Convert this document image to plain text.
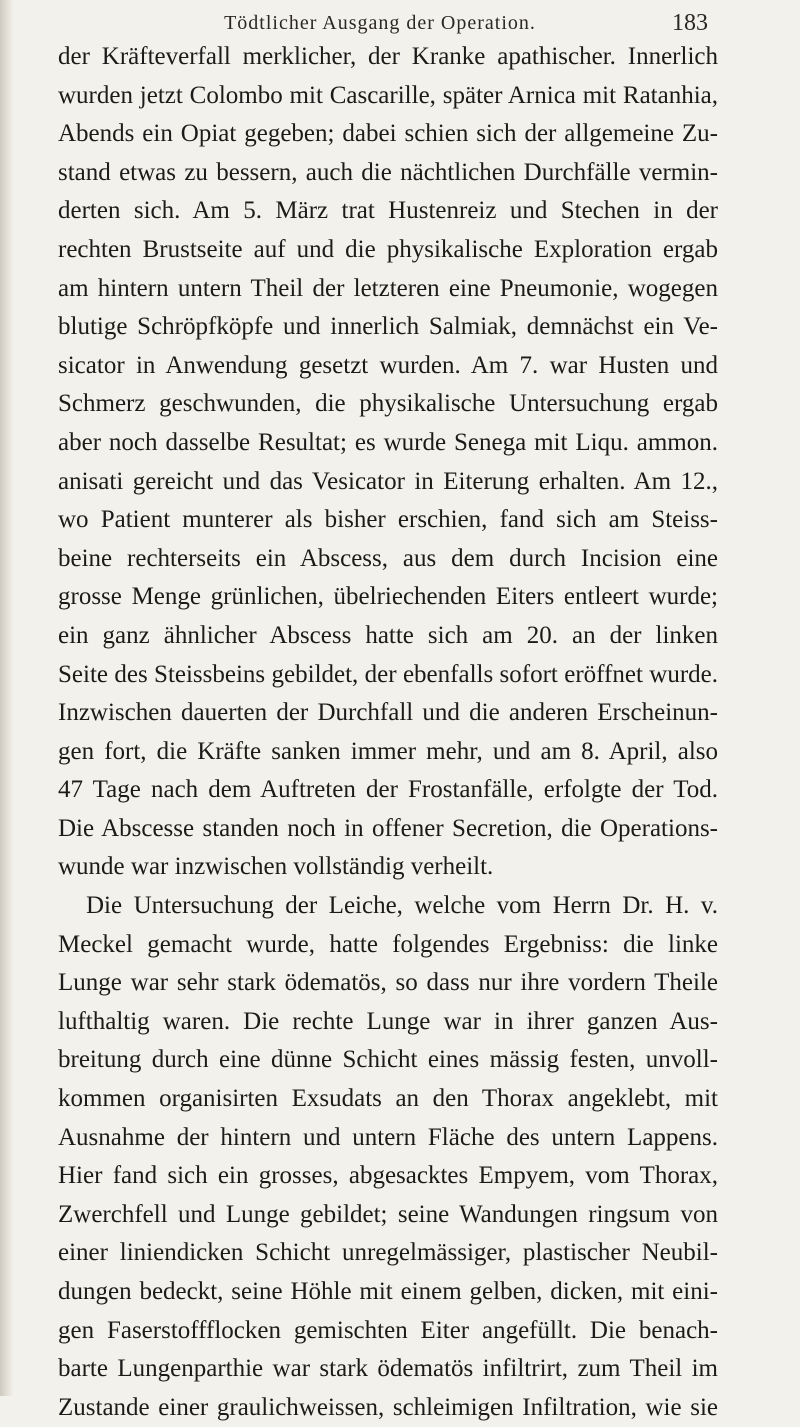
Tödtlicher Ausgang der Operation.	183
der Kräfteverfall merklicher, der Kranke apathischer. Innerlich
wurden jetzt Colombo mit Cascarille, später Arnica mit Ratanhia,
Abends ein Opiat gegeben; dabei schien sich der allgemeine Zu-
stand etwas zu bessern, auch die nächtlichen Durchfälle vermin-
derten sich. Am 5. März trat Hustenreiz und Stechen in der
rechten Brustseite auf und die physikalische Exploration ergab
am hintern untern Theil der letzteren eine Pneumonie, wogegen
blutige Schröpfköpfe und innerlich Salmiak, demnächst ein Ve-
sicator in Anwendung gesetzt wurden. Am 7. war Husten und
Schmerz geschwunden, die physikalische Untersuchung ergab
aber noch dasselbe Resultat; es wurde Senega mit Liqu. ammon.
anisati gereicht und das Vesicator in Eiterung erhalten. Am 12.,
wo Patient munterer als bisher erschien, fand sich am Steiss-
beine rechterseits ein Abscess, aus dem durch Incision eine
grosse Menge grünlichen, übelriechenden Eiters entleert wurde;
ein ganz ähnlicher Abscess hatte sich am 20. an der linken
Seite des Steissbeins gebildet, der ebenfalls sofort eröffnet wurde.
Inzwischen dauerten der Durchfall und die anderen Erscheinun-
gen fort, die Kräfte sanken immer mehr, und am 8. April, also
47 Tage nach dem Auftreten der Frostanfälle, erfolgte der Tod.
Die Abscesse standen noch in offener Secretion, die Operations-
wunde war inzwischen vollständig verheilt.
Die Untersuchung der Leiche, welche vom Herrn Dr. H. v.
Meckel gemacht wurde, hatte folgendes Ergebniss: die linke
Lunge war sehr stark ödematös, so dass nur ihre vordern Theile
lufthaltig waren. Die rechte Lunge war in ihrer ganzen Aus-
breitung durch eine dünne Schicht eines mässig festen, unvoll-
kommen organisirten Exsudats an den Thorax angeklebt, mit
Ausnahme der hintern und untern Fläche des untern Lappens.
Hier fand sich ein grosses, abgesacktes Empyem, vom Thorax,
Zwerchfell und Lunge gebildet; seine Wandungen ringsum von
einer liniendicken Schicht unregelmässiger, plastischer Neubil-
dungen bedeckt, seine Höhle mit einem gelben, dicken, mit eini-
gen Faserstoffflocken gemischten Eiter angefüllt. Die benach-
barte Lungenparthie war stark ödematös infiltrirt, zum Theil im
Zustande einer graulichweissen, schleimigen Infiltration, wie sie
